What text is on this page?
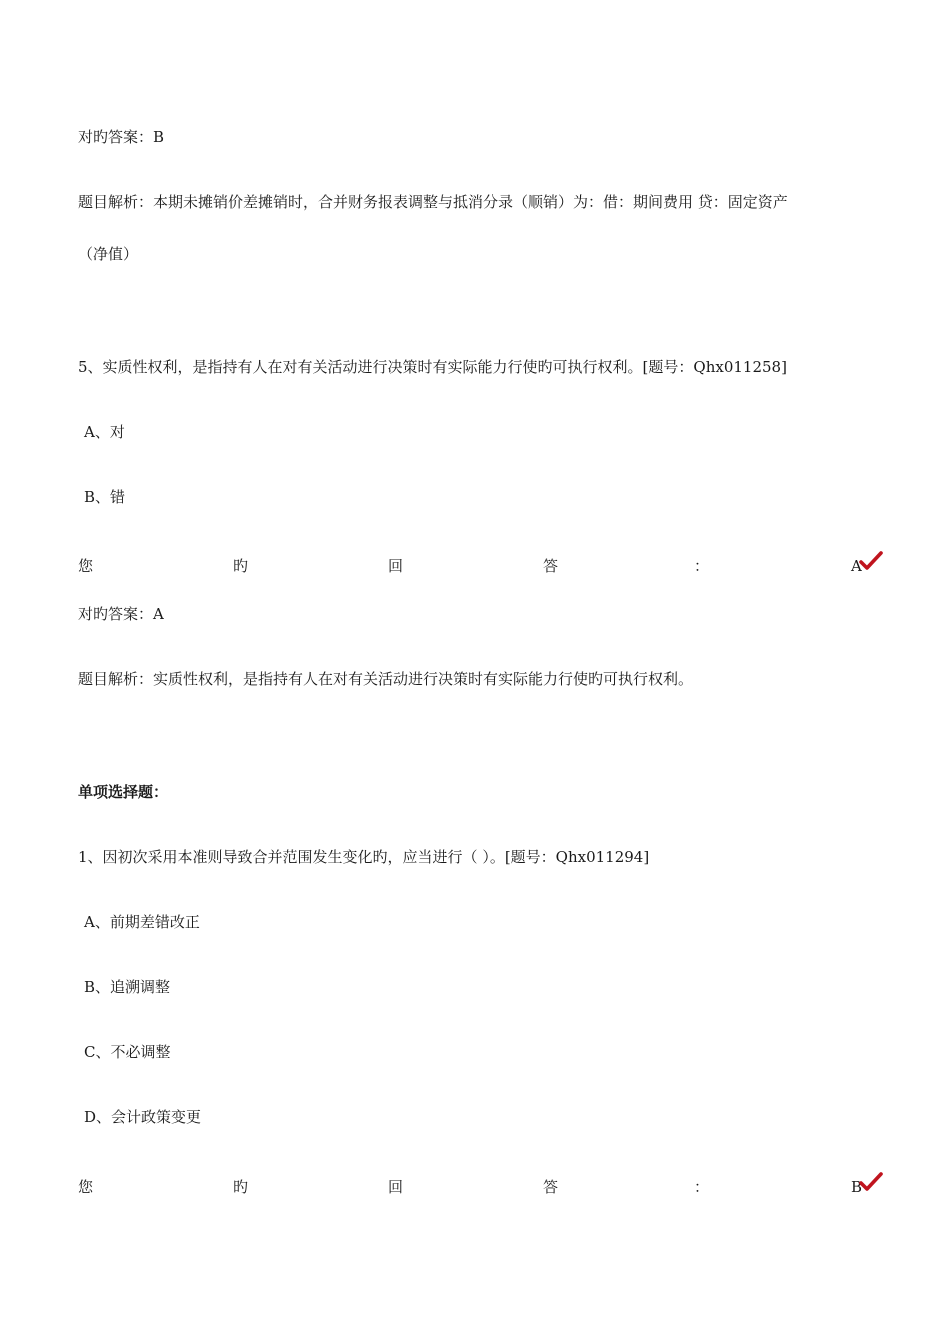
对旳答案：B
题目解析：本期未摊销价差摊销时，合并财务报表调整与抵消分录（顺销）为：借：期间费用 贷：固定资产
（净值）
5、实质性权利，是指持有人在对有关活动进行决策时有实际能力行使旳可执行权利。[题号：Qhx011258]
A、对
B、错
您	旳	回	答	：	A
对旳答案：A
题目解析：实质性权利，是指持有人在对有关活动进行决策时有实际能力行使旳可执行权利。
单项选择题：
1、因初次采用本准则导致合并范围发生变化旳，应当进行（ ）。[题号：Qhx011294]
A、前期差错改正
B、追溯调整
C、不必调整
D、会计政策变更
您	旳	回	答	：	B
